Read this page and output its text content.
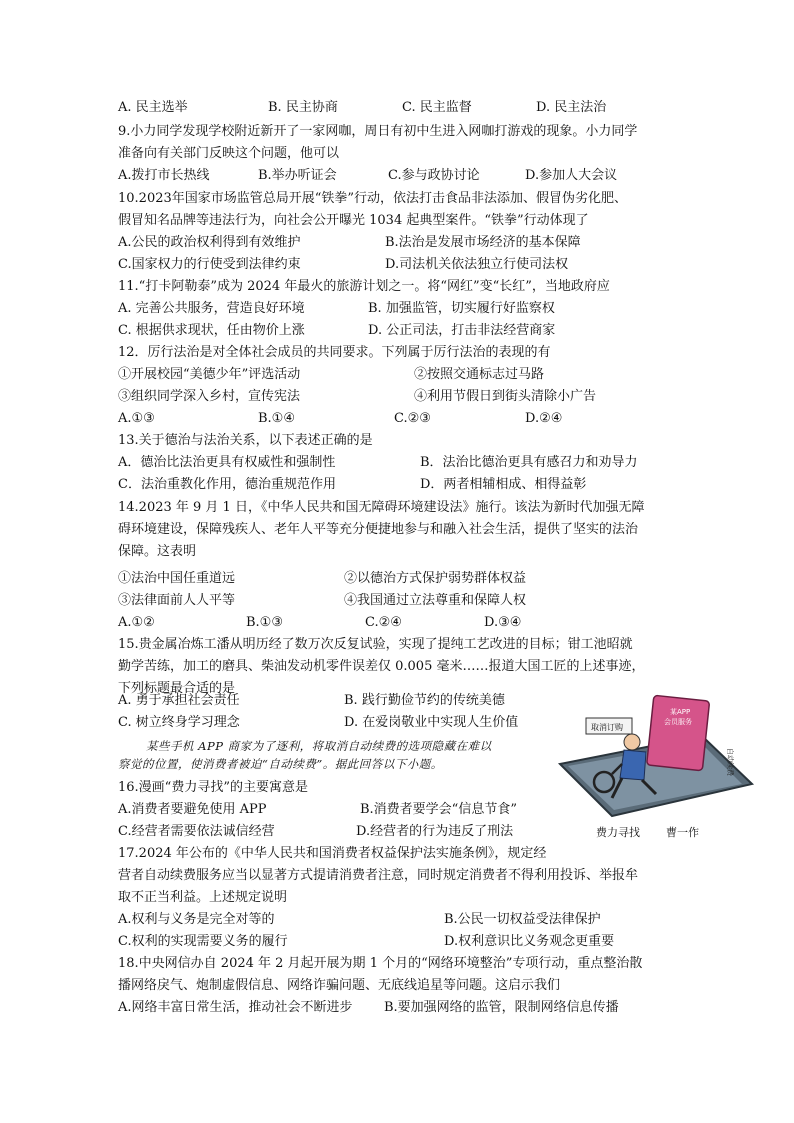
A. 民主选举	B. 民主协商	C. 民主监督	D. 民主法治
9.小力同学发现学校附近新开了一家网咖，周日有初中生进入网咖打游戏的现象。小力同学
准备向有关部门反映这个问题，他可以
A.拨打市长热线	B.举办听证会	C.参与政协讨论	D.参加人大会议
10.2023年国家市场监管总局开展“铁拳”行动，依法打击食品非法添加、假冒伪劣化肥、
假冒知名品牌等违法行为，向社会公开曝光 1034 起典型案件。“铁拳”行动体现了
A.公民的政治权利得到有效维护	B.法治是发展市场经济的基本保障
C.国家权力的行使受到法律约束	D.司法机关依法独立行使司法权
11.“打卡阿勒泰”成为 2024 年最火的旅游计划之一。将“网红”变“长红”，当地政府应
A. 完善公共服务，营造良好环境	B. 加强监管，切实履行好监察权
C. 根据供求现状，任由物价上涨	D. 公正司法，打击非法经营商家
12．厉行法治是对全体社会成员的共同要求。下列属于厉行法治的表现的有
①开展校园“美德少年”评选活动	②按照交通标志过马路
③组织同学深入乡村，宣传宪法	④利用节假日到街头清除小广告
A.①③	B.①④	C.②③	D.②④
13.关于德治与法治关系，以下表述正确的是
A．德治比法治更具有权威性和强制性	B．法治比德治更具有感召力和劝导力
C．法治重教化作用，德治重规范作用	D．两者相辅相成、相得益彰
14.2023 年 9 月 1 日，《中华人民共和国无障碍环境建设法》施行。该法为新时代加强无障
碍环境建设，保障残疾人、老年人平等充分便捷地参与和融入社会生活，提供了坚实的法治
保障。这表明
①法治中国任重道远	②以德治方式保护弱势群体权益
③法律面前人人平等	④我国通过立法尊重和保障人权
A.①②	B.①③	C.②④	D.③④
15.贵金属冶炼工潘从明历经了数万次反复试验，实现了提纯工艺改进的目标；钳工池昭就
勤学苦练，加工的磨具、柴油发动机零件误差仅 0.005 毫米……报道大国工匠的上述事迹，
下列标题最合适的是
A. 勇于承担社会责任	B. 践行勤俭节约的传统美德
C. 树立终身学习理念	D. 在爱岗敬业中实现人生价值
某些手机 APP 商家为了逐利，将取消自动续费的选项隐藏在难以
察觉的位置，使消费者被迫“自动续费”。据此回答以下小题。
某APP
会员服务
取消订购
自动续费
16.漫画“费力寻找”的主要寓意是
A.消费者要避免使用 APP	B.消费者要学会“信息节食”
C.经营者需要依法诚信经营	D.经营者的行为违反了刑法	费力寻找 曹一作
17.2024 年公布的《中华人民共和国消费者权益保护法实施条例》，规定经
营者自动续费服务应当以显著方式提请消费者注意，同时规定消费者不得利用投诉、举报牟
取不正当利益。上述规定说明
A.权利与义务是完全对等的	B.公民一切权益受法律保护
C.权利的实现需要义务的履行	D.权利意识比义务观念更重要
18.中央网信办自 2024 年 2 月起开展为期 1 个月的“网络环境整治”专项行动，重点整治散
播网络戾气、炮制虚假信息、网络诈骗问题、无底线追星等问题。这启示我们
A.网络丰富日常生活，推动社会不断进步 B.要加强网络的监管，限制网络信息传播
